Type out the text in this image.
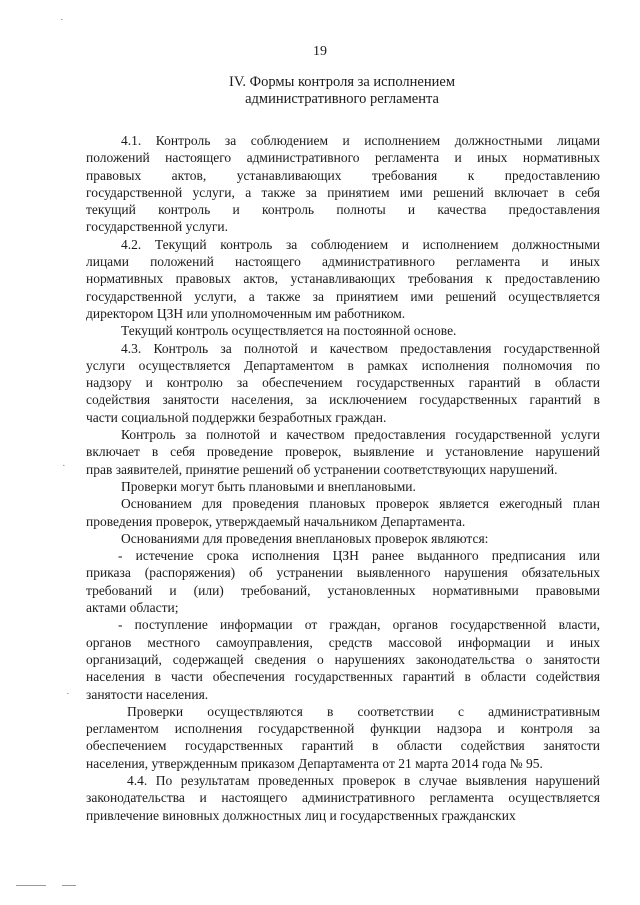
19
IV. Формы контроля за исполнением
административного регламента
4.1. Контроль за соблюдением и исполнением должностными лицами
положений настоящего административного регламента и иных нормативных
правовых актов, устанавливающих требования к предоставлению
государственной услуги, а также за принятием ими решений включает в себя
текущий контроль и контроль полноты и качества предоставления
государственной услуги.
4.2. Текущий контроль за соблюдением и исполнением должностными
лицами положений настоящего административного регламента и иных
нормативных правовых актов, устанавливающих требования к предоставлению
государственной услуги, а также за принятием ими решений осуществляется
директором ЦЗН или уполномоченным им работником.
Текущий контроль осуществляется на постоянной основе.
4.3. Контроль за полнотой и качеством предоставления государственной
услуги осуществляется Департаментом в рамках исполнения полномочия по
надзору и контролю за обеспечением государственных гарантий в области
содействия занятости населения, за исключением государственных гарантий в
части социальной поддержки безработных граждан.
Контроль за полнотой и качеством предоставления государственной услуги
включает в себя проведение проверок, выявление и установление нарушений
прав заявителей, принятие решений об устранении соответствующих нарушений.
Проверки могут быть плановыми и внеплановыми.
Основанием для проведения плановых проверок является ежегодный план
проведения проверок, утверждаемый начальником Департамента.
Основаниями для проведения внеплановых проверок являются:
- истечение срока исполнения ЦЗН ранее выданного предписания или
приказа (распоряжения) об устранении выявленного нарушения обязательных
требований и (или) требований, установленных нормативными правовыми
актами области;
- поступление информации от граждан, органов государственной власти,
органов местного самоуправления, средств массовой информации и иных
организаций, содержащей сведения о нарушениях законодательства о занятости
населения в части обеспечения государственных гарантий в области содействия
занятости населения.
Проверки осуществляются в соответствии с административным
регламентом исполнения государственной функции надзора и контроля за
обеспечением государственных гарантий в области содействия занятости
населения, утвержденным приказом Департамента от 21 марта 2014 года № 95.
4.4. По результатам проведенных проверок в случае выявления нарушений
законодательства и настоящего административного регламента осуществляется
привлечение виновных должностных лиц и государственных гражданских
·
·
·
